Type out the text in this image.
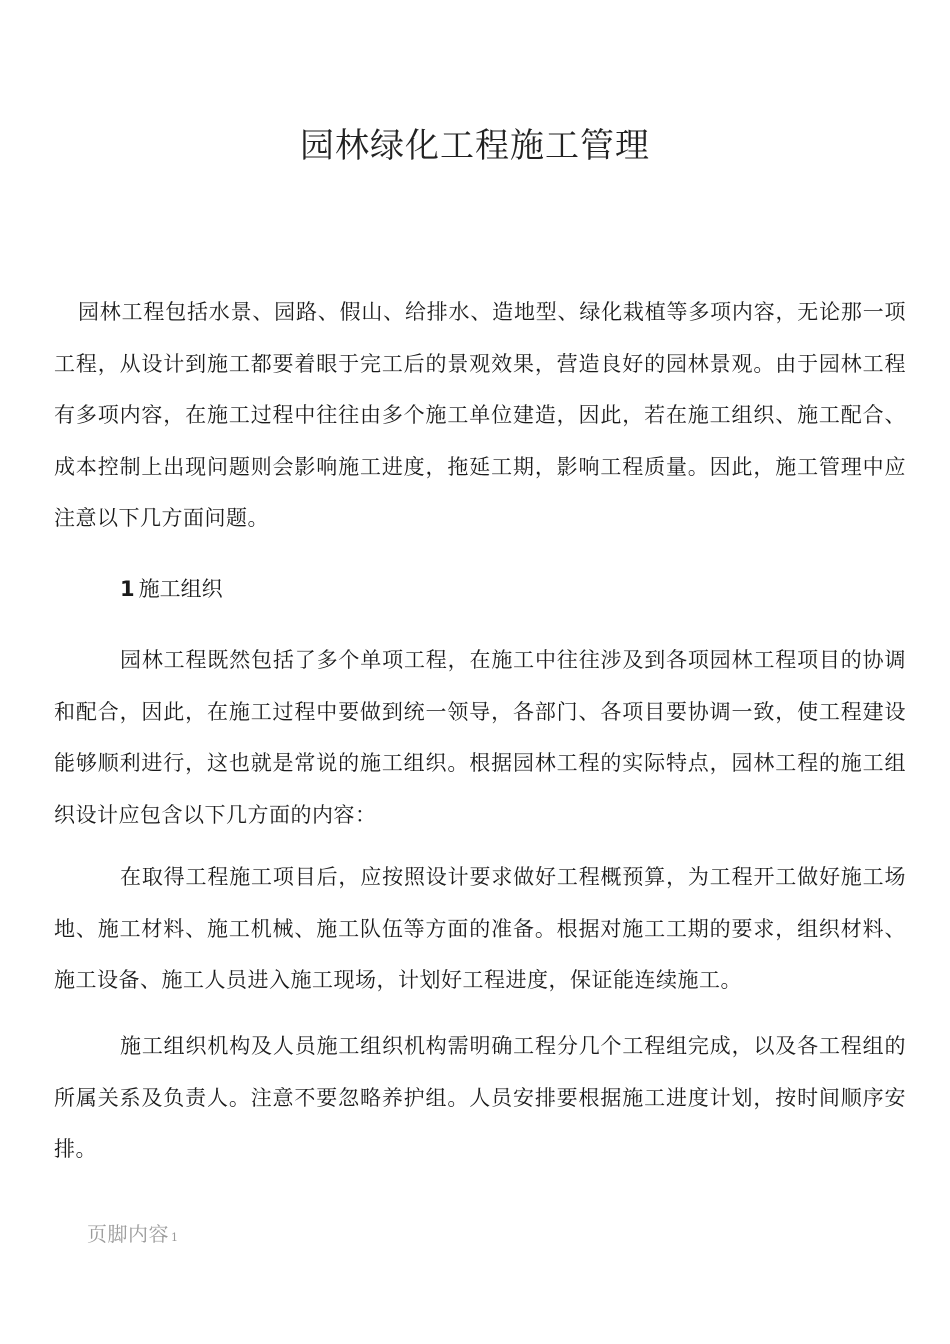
园林绿化工程施工管理

园林工程包括水景、园路、假山、给排水、造地型、绿化栽植等多项内容，无论那一项工程，从设计到施工都要着眼于完工后的景观效果，营造良好的园林景观。由于园林工程有多项内容，在施工过程中往往由多个施工单位建造，因此，若在施工组织、施工配合、成本控制上出现问题则会影响施工进度，拖延工期，影响工程质量。因此，施工管理中应注意以下几方面问题。

1 施工组织

园林工程既然包括了多个单项工程，在施工中往往涉及到各项园林工程项目的协调和配合，因此，在施工过程中要做到统一领导，各部门、各项目要协调一致，使工程建设能够顺利进行，这也就是常说的施工组织。根据园林工程的实际特点，园林工程的施工组织设计应包含以下几方面的内容：

在取得工程施工项目后，应按照设计要求做好工程概预算，为工程开工做好施工场地、施工材料、施工机械、施工队伍等方面的准备。根据对施工工期的要求，组织材料、施工设备、施工人员进入施工现场，计划好工程进度，保证能连续施工。

施工组织机构及人员施工组织机构需明确工程分几个工程组完成，以及各工程组的所属关系及负责人。注意不要忽略养护组。人员安排要根据施工进度计划，按时间顺序安排。

页脚内容 1
